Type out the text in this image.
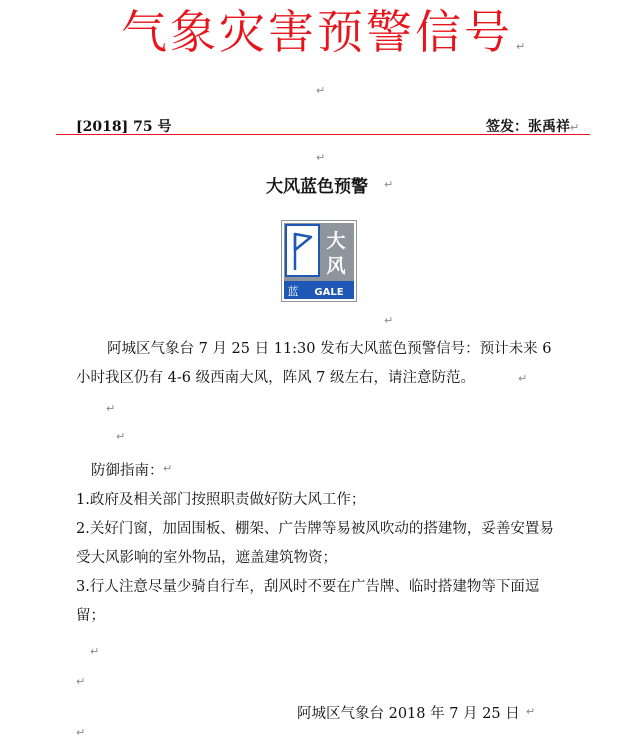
气象灾害预警信号 ↵
↵
[2018] 75 号	签发：张禹祥 ↵
↵
大风蓝色预警	↵
大
风
蓝 GALE
↵

阿城区气象台 7 月 25 日 11:30 发布大风蓝色预警信号：预计未来 6 小时我区仍有 4-6 级西南大风，阵风 7 级左右，请注意防范。	↵
↵
↵
防御指南： ↵

1.政府及相关部门按照职责做好防大风工作；

2.关好门窗，加固围板、棚架、广告牌等易被风吹动的搭建物，妥善安置易受大风影响的室外物品，遮盖建筑物资；

3.行人注意尽量少骑自行车，刮风时不要在广告牌、临时搭建物等下面逗留；

↵
↵
阿城区气象台 2018 年 7 月 25 日 ↵
↵
